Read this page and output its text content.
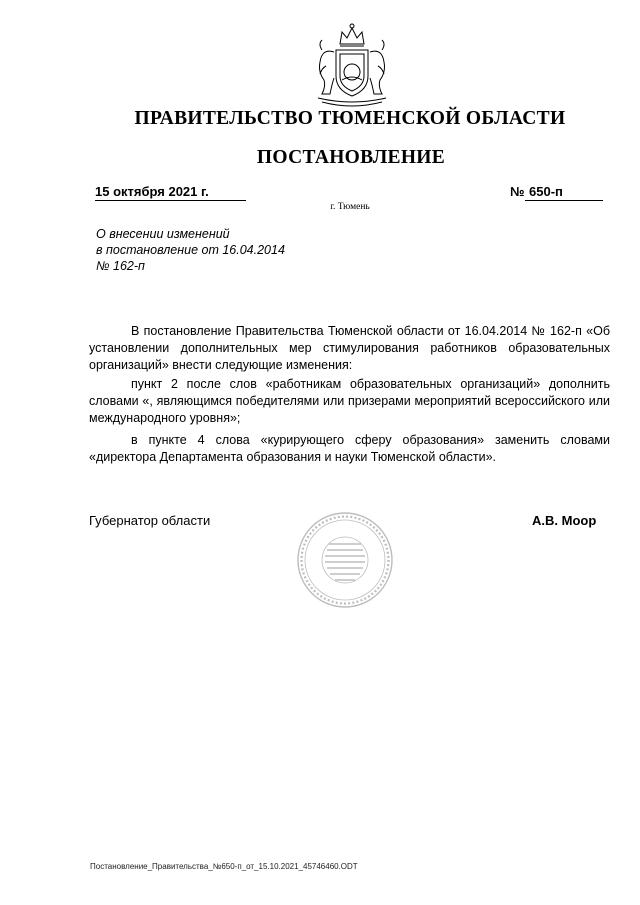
ПРАВИТЕЛЬСТВО ТЮМЕНСКОЙ ОБЛАСТИ
ПОСТАНОВЛЕНИЕ
15 октября 2021 г.	№ 650-п
г. Тюмень
О внесении изменений
в постановление от 16.04.2014
№ 162-п

В постановление Правительства Тюменской области от 16.04.2014 № 162-п «Об установлении дополнительных мер стимулирования работников образовательных организаций» внести следующие изменения:

пункт 2 после слов «работникам образовательных организаций» дополнить словами «, являющимся победителями или призерами мероприятий всероссийского или международного уровня»;

в пункте 4 слова «курирующего сферу образования» заменить словами «директора Департамента образования и науки Тюменской области».

Губернатор области	А.В. Моор
Постановление_Правительства_№650-п_от_15.10.2021_45746460.ODT
